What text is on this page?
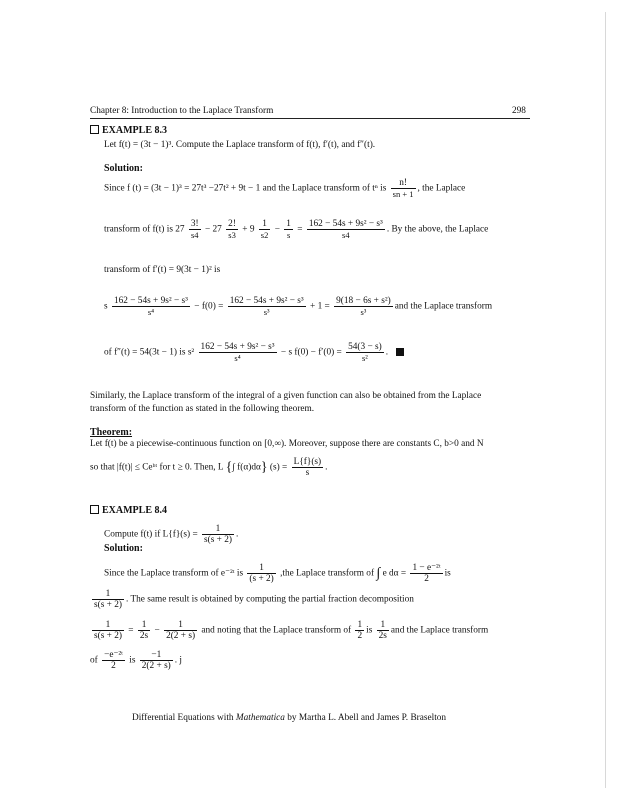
Chapter 8: Introduction to the Laplace Transform	298
EXAMPLE 8.3
Let f(t) = (3t − 1)³. Compute the Laplace transform of f(t), f′(t), and f″(t).
Solution:
Since f (t) = (3t − 1)³ = 27t³ −27t² + 9t − 1 and the Laplace transform of tⁿ is $\frac{n!}{sn + 1}$ , the Laplace
transform of f(t) is $27 \frac{3!}{s4} - 27 \frac{2!}{s3} + 9 \frac{1}{s2} - \frac{1}{s} = \frac{\text{162 − 54s + 9s² − s³}}{s4}$ . By the above, the Laplace
transform of f′(t) = 9(3t − 1)² is
s $\frac{\text{162 − 54s + 9s² − s³}}{\text{s⁴}} - f(0) = \frac{\text{162 − 54s + 9s² − s³}}{\text{s³}} + 1 = \frac{\text{9(18 − 6s + s²)}}{\text{s³}}$ and the Laplace transform
of f″(t) = 54(3t − 1) is $s^2 \frac{\text{162 − 54s + 9s² − s³}}{\text{s⁴}} - s$ $f(0) - f'(0) = \frac{54(3 - s)}{\text{s²}}$ .
Similarly, the Laplace transform of the integral of a given function can also be obtained from the Laplace
transform of the function as stated in the following theorem.
Theorem:
Let f(t) be a piecewise-continuous function on [0,∞). Moreover, suppose there are constants C, b>0 and N
so that |f(t)| ≤ Ceᵇᵗ for t ≥ 0. Then, L {∫ f(α)dα} $(s) = \frac{L\{f\}(s)}{s}$ .
EXAMPLE 8.4
Compute f(t) if $L\{f\}(s) = \frac{1}{s(s + 2)}$ .
Solution:
Since the Laplace transform of e⁻²ᵗ is $\frac{1}{(s + 2)} ,the$ Laplace transform of ∫ e $d\alpha = \frac{\text{1 − e⁻²ᵗ}}{2}$ is
$\frac{1}{s(s + 2)}$ . The same result is obtained by computing the partial fraction decomposition
$\frac{1}{s(s + 2)} = \frac{1}{2s} - \frac{1}{2(2 + s)}$ and noting that the Laplace transform of $\frac{1}{2}$ is $\frac{1}{2s}$ and the Laplace transform
of $\frac{\text{−e⁻²ᵗ}}{2}$ is $\frac{-1}{2(2 + s)}$ . j
Differential Equations with Mathematica by Martha L. Abell and James P. Braselton
